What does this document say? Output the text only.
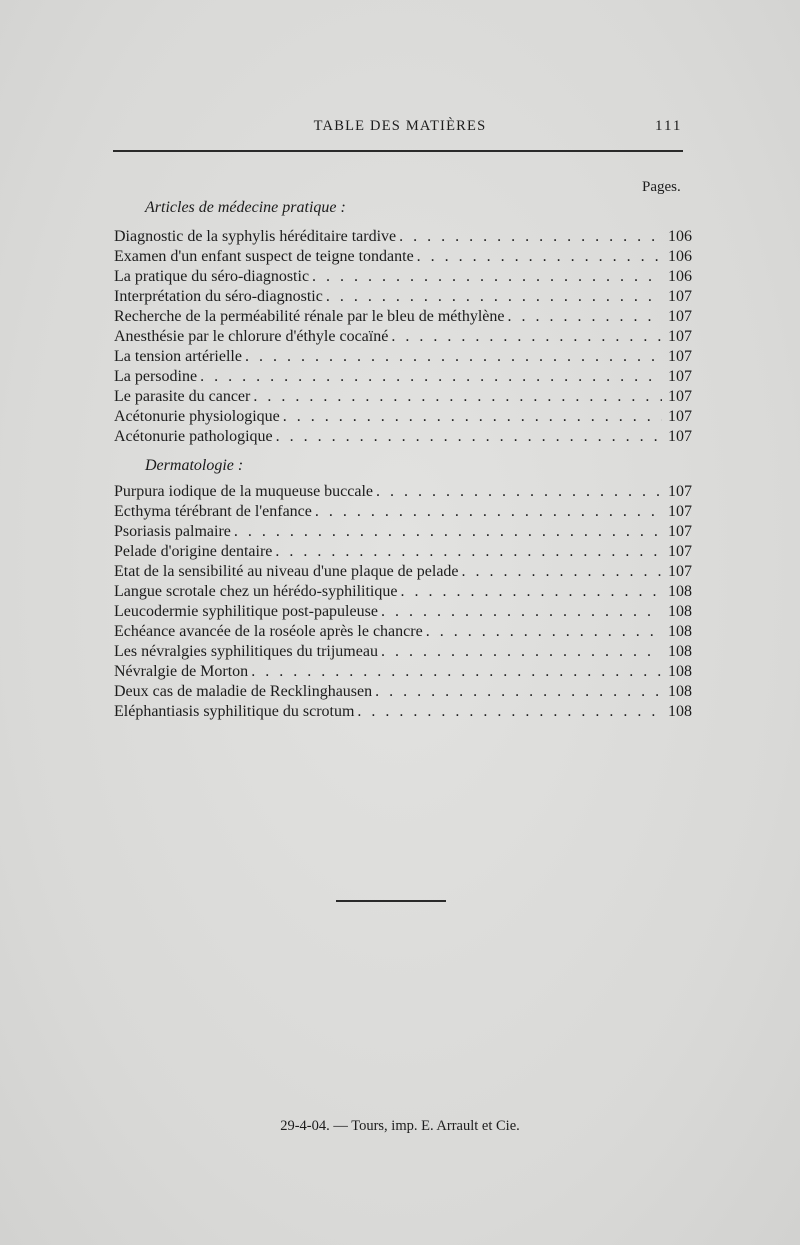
TABLE DES MATIÈRES	111
Pages.
Articles de médecine pratique :
Diagnostic de la syphylis héréditaire tardive . . .	106
Examen d'un enfant suspect de teigne tondante . . .	106
La pratique du séro-diagnostic . . .	106
Interprétation du séro-diagnostic . . .	107
Recherche de la perméabilité rénale par le bleu de méthylène . . .	107
Anesthésie par le chlorure d'éthyle cocaïné . . .	107
La tension artérielle . . .	107
La persodine . . .	107
Le parasite du cancer . . .	107
Acétonurie physiologique . . .	107
Acétonurie pathologique . . .	107
Dermatologie :
Purpura iodique de la muqueuse buccale . . .	107
Ecthyma térébrant de l'enfance . . .	107
Psoriasis palmaire . . .	107
Pelade d'origine dentaire . . .	107
Etat de la sensibilité au niveau d'une plaque de pelade . . .	107
Langue scrotale chez un hérédo-syphilitique . . .	108
Leucodermie syphilitique post-papuleuse . . .	108
Echéance avancée de la roséole après le chancre . . .	108
Les névralgies syphilitiques du trijumeau . . .	108
Névralgie de Morton . . .	108
Deux cas de maladie de Recklinghausen . . .	108
Eléphantiasis syphilitique du scrotum . . .	108
29-4-04. — Tours, imp. E. Arrault et Cie.
